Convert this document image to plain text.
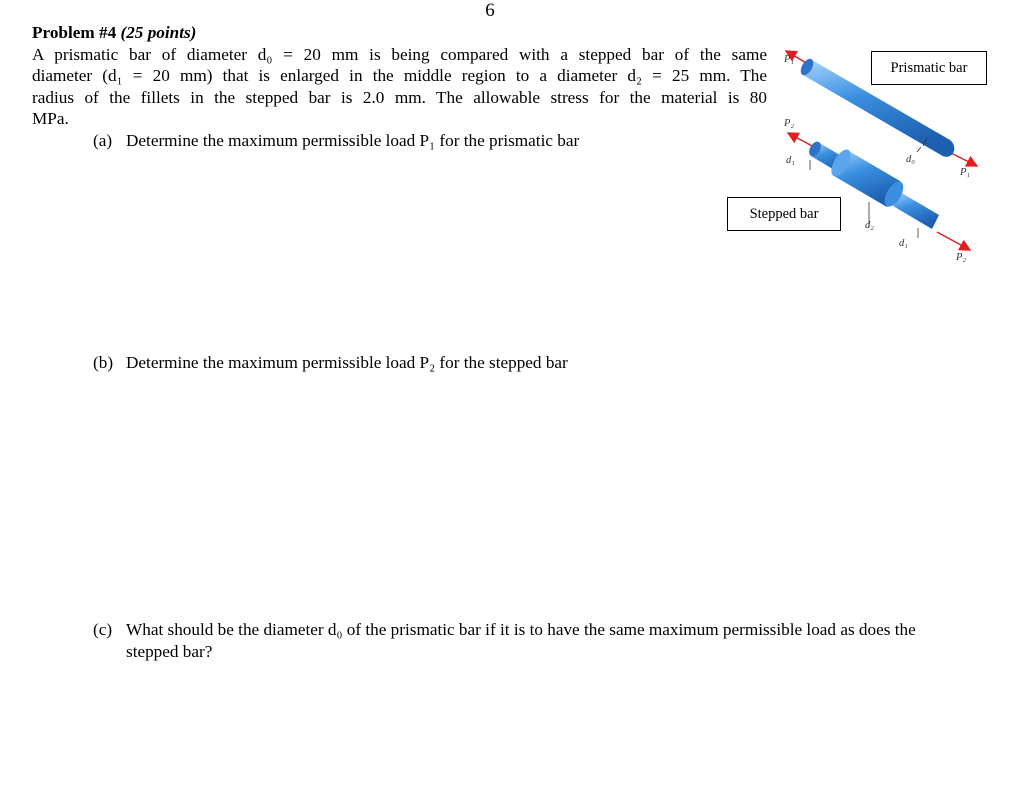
6
Problem #4 (25 points)
A prismatic bar of diameter d₀ = 20 mm is being compared with a stepped bar of the same
diameter (d₁ = 20 mm) that is enlarged in the middle region to a diameter d₂ = 25 mm. The
radius of the fillets in the stepped bar is 2.0 mm. The allowable stress for the material is 80
MPa.
(a) Determine the maximum permissible load P₁ for the prismatic bar
(b) Determine the maximum permissible load P₂ for the stepped bar
(c) What should be the diameter d₀ of the prismatic bar if it is to have the same maximum permissible load as does the stepped bar?
Prismatic bar
Stepped bar
P₁
P₁
P₂
P₂
d₀
d₁
d₁
d₂
